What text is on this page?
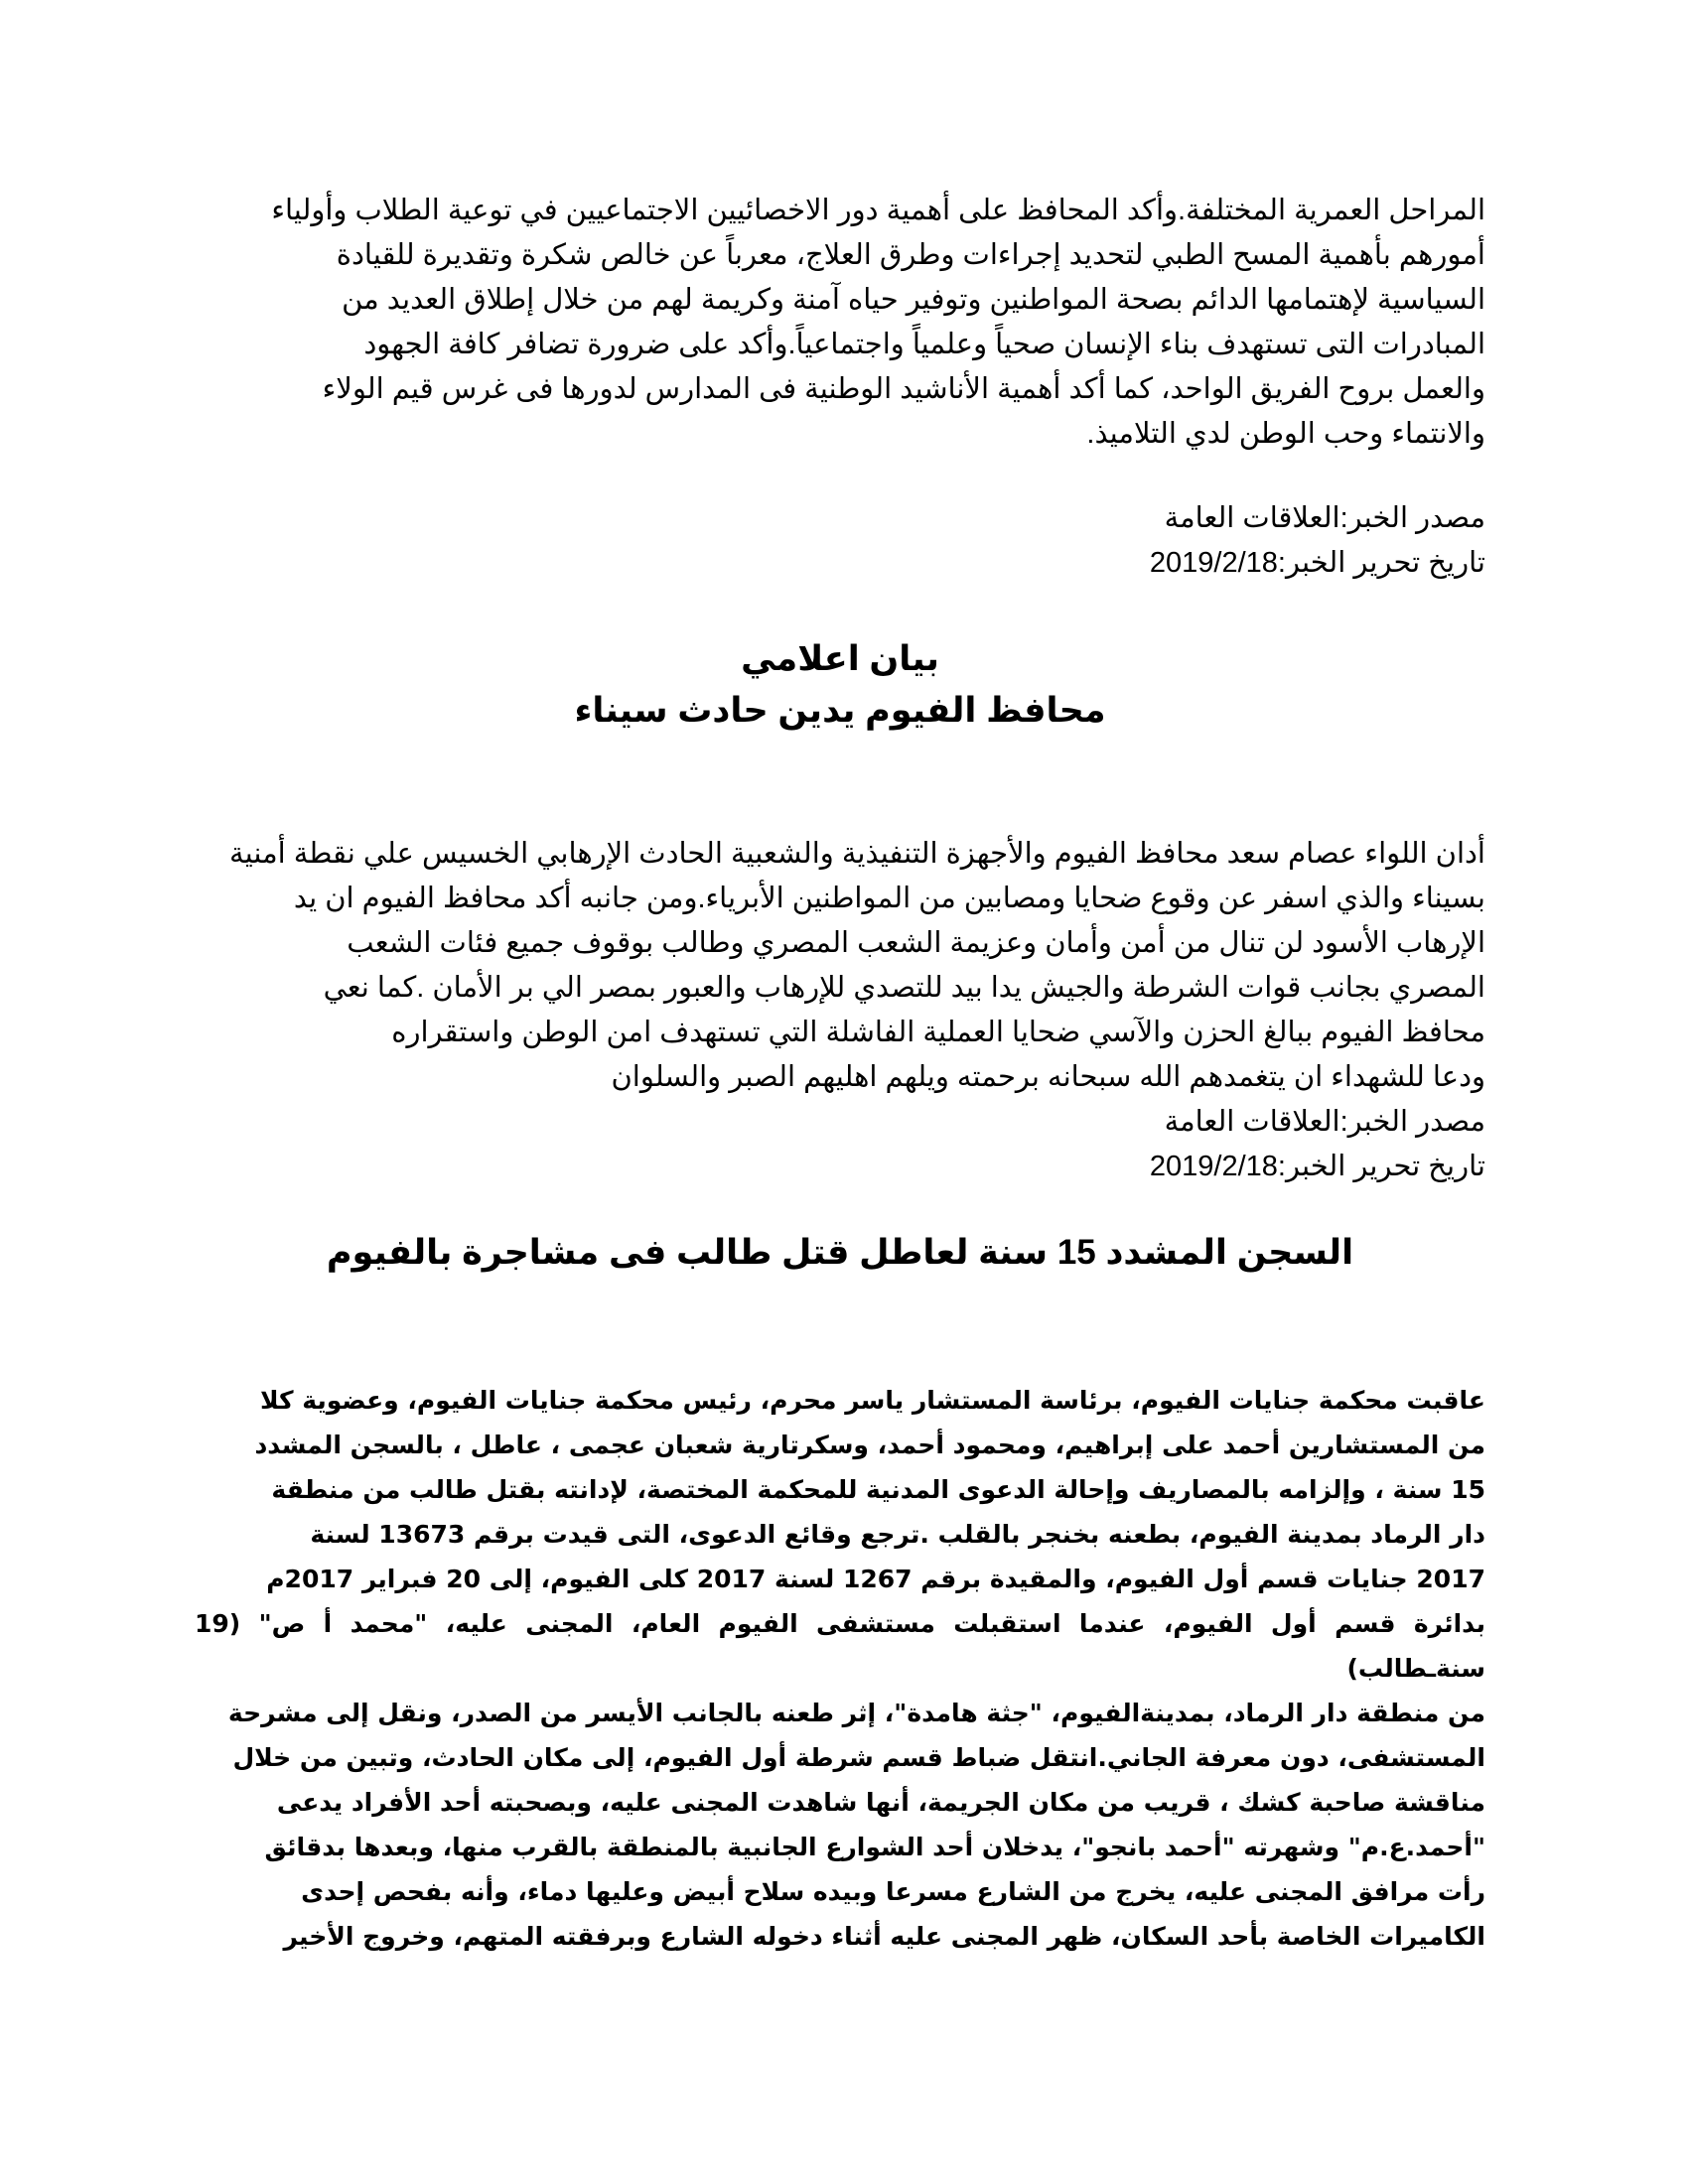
المراحل العمرية المختلفة.وأكد المحافظ على أهمية دور الاخصائيين الاجتماعيين في توعية الطلاب وأولياء
أمورهم بأهمية المسح الطبي لتحديد إجراءات وطرق العلاج، معرباً عن خالص شكرة وتقديرة للقيادة
السياسية لإهتمامها الدائم بصحة المواطنين وتوفير حياه آمنة وكريمة لهم من خلال إطلاق العديد من
المبادرات التى تستهدف بناء الإنسان صحياً وعلمياً واجتماعياً.وأكد على ضرورة تضافر كافة الجهود
والعمل بروح الفريق الواحد، كما أكد أهمية الأناشيد الوطنية فى المدارس لدورها فى غرس قيم الولاء
والانتماء وحب الوطن لدي التلاميذ.

مصدر الخبر:العلاقات العامة

تاريخ تحرير الخبر:2019/2/18

بيان اعلامي
محافظ الفيوم يدين حادث سيناء

أدان اللواء عصام سعد محافظ الفيوم والأجهزة التنفيذية والشعبية الحادث الإرهابي الخسيس علي نقطة أمنية
بسيناء والذي اسفر عن وقوع ضحايا ومصابين من المواطنين الأبرياء.ومن جانبه أكد محافظ الفيوم ان يد
الإرهاب الأسود لن تنال من أمن وأمان وعزيمة الشعب المصري وطالب بوقوف جميع فئات الشعب
المصري بجانب قوات الشرطة والجيش يدا بيد للتصدي للإرهاب والعبور بمصر الي بر الأمان .كما نعي
محافظ الفيوم ببالغ الحزن والآسي ضحايا العملية الفاشلة التي تستهدف امن الوطن واستقراره
ودعا للشهداء ان يتغمدهم الله سبحانه برحمته ويلهم اهليهم الصبر والسلوان

مصدر الخبر:العلاقات العامة

تاريخ تحرير الخبر:2019/2/18

السجن المشدد 15 سنة لعاطل قتل طالب فى مشاجرة بالفيوم

عاقبت محكمة جنايات الفيوم، برئاسة المستشار ياسر محرم، رئيس محكمة جنايات الفيوم، وعضوية كلا
من المستشارين أحمد على إبراهيم، ومحمود أحمد، وسكرتارية شعبان عجمى ، عاطل ، بالسجن المشدد
15 سنة ، وإلزامه بالمصاريف وإحالة الدعوى المدنية للمحكمة المختصة، لإدانته بقتل طالب من منطقة
دار الرماد بمدينة الفيوم، بطعنه بخنجر بالقلب .ترجع وقائع الدعوى، التى قيدت برقم 13673 لسنة
2017 جنايات قسم أول الفيوم، والمقيدة برقم 1267 لسنة 2017 كلى الفيوم، إلى 20 فبراير 2017م
بدائرة قسم أول الفيوم، عندما استقبلت مستشفى الفيوم العام، المجنى عليه، "محمد أ ص" (19 سنةـطالب)
من منطقة دار الرماد، بمدينةالفيوم، "جثة هامدة"، إثر طعنه بالجانب الأيسر من الصدر، ونقل إلى مشرحة
المستشفى، دون معرفة الجاني.انتقل ضباط قسم شرطة أول الفيوم، إلى مكان الحادث، وتبين من خلال
مناقشة صاحبة كشك ، قريب من مكان الجريمة، أنها شاهدت المجنى عليه، وبصحبته أحد الأفراد يدعى
"أحمد.ع.م" وشهرته "أحمد بانجو"، يدخلان أحد الشوارع الجانبية بالمنطقة بالقرب منها، وبعدها بدقائق
رأت مرافق المجنى عليه، يخرج من الشارع مسرعا وبيده سلاح أبيض وعليها دماء، وأنه بفحص إحدى
الكاميرات الخاصة بأحد السكان، ظهر المجنى عليه أثناء دخوله الشارع وبرفقته المتهم، وخروج الأخير
